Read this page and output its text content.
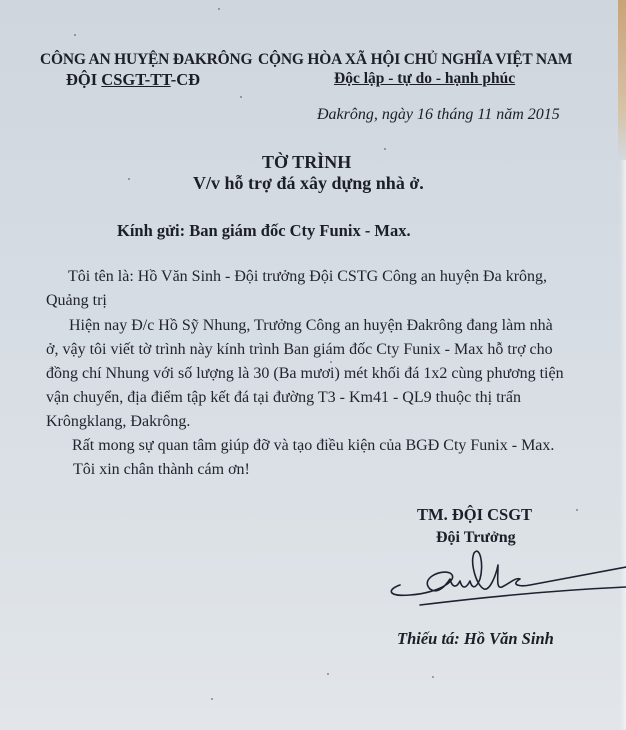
CÔNG AN HUYỆN ĐAKRÔNG
ĐỘI CSGT-TT-CĐ
CỘNG HÒA XÃ HỘI CHỦ NGHĨA VIỆT NAM
Độc lập - tự do - hạnh phúc
Đakrông, ngày 16 tháng 11 năm 2015
TỜ TRÌNH
V/v hỗ trợ đá xây dựng nhà ở.
Kính gửi: Ban giám đốc Cty Funix - Max.
Tôi tên là: Hồ Văn Sinh - Đội trưởng Đội CSTG Công an huyện Đa krông,
Quảng trị
Hiện nay Đ/c Hồ Sỹ Nhung, Trưởng Công an huyện Đakrông đang làm nhà
ở, vậy tôi viết tờ trình này kính trình Ban giám đốc Cty Funix - Max hỗ trợ cho
đồng chí Nhung với số lượng là 30 (Ba mươi) mét khối đá 1x2 cùng phương tiện
vận chuyển, địa điểm tập kết đá tại đường T3 - Km41 - QL9 thuộc thị trấn
Krôngklang, Đakrông.
Rất mong sự quan tâm giúp đỡ và tạo điều kiện của BGĐ Cty Funix - Max.
Tôi xin chân thành cám ơn!
TM. ĐỘI CSGT
Đội Trưởng
Thiếu tá: Hồ Văn Sinh
